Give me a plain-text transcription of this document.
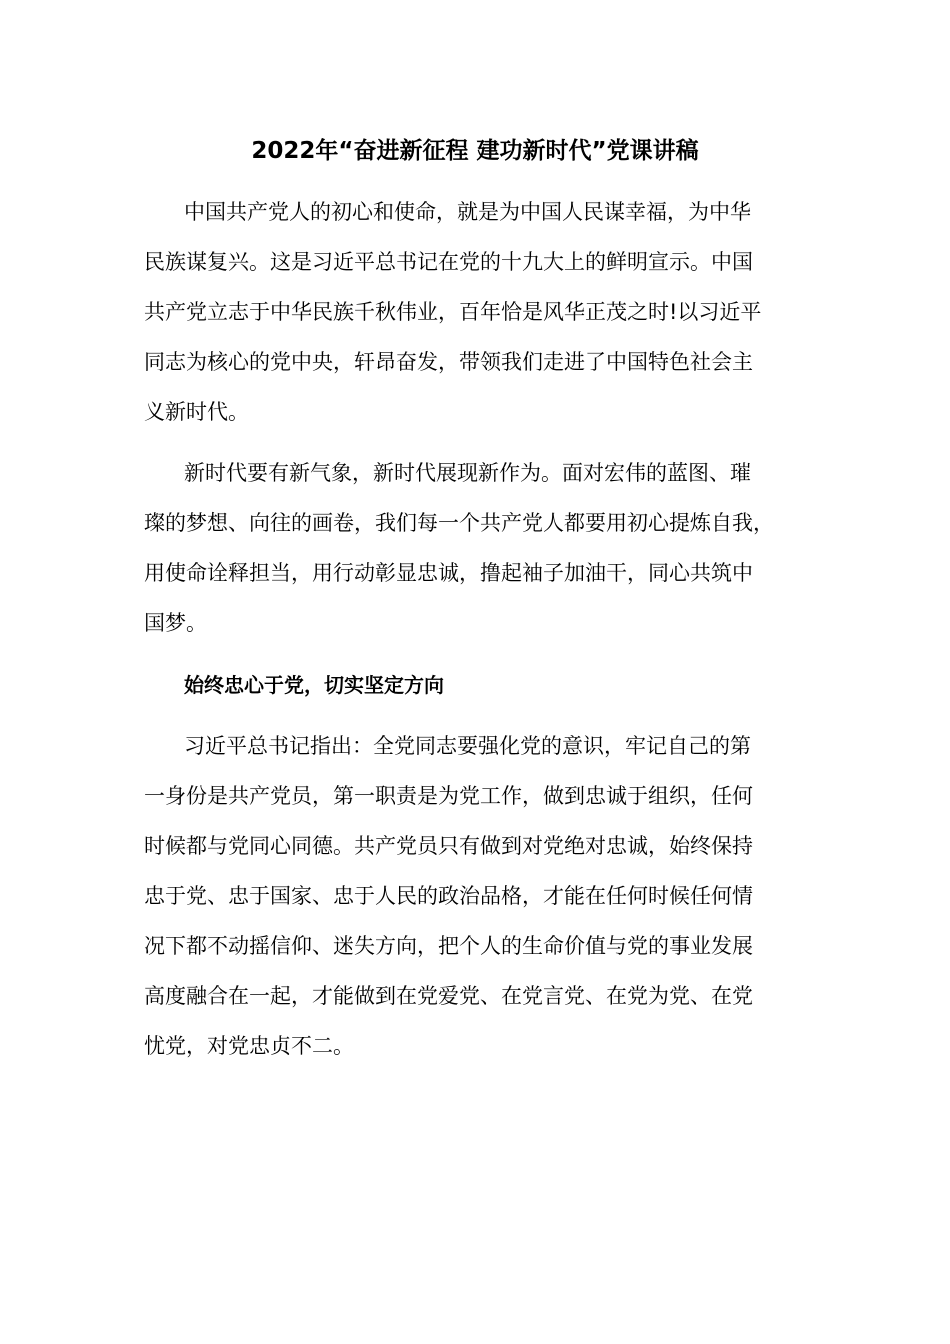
2022年“奋进新征程 建功新时代”党课讲稿
中国共产党人的初心和使命，就是为中国人民谋幸福，为中华
民族谋复兴。这是习近平总书记在党的十九大上的鲜明宣示。中国
共产党立志于中华民族千秋伟业，百年恰是风华正茂之时!以习近平
同志为核心的党中央，轩昂奋发，带领我们走进了中国特色社会主
义新时代。
新时代要有新气象，新时代展现新作为。面对宏伟的蓝图、璀
璨的梦想、向往的画卷，我们每一个共产党人都要用初心提炼自我，
用使命诠释担当，用行动彰显忠诚，撸起袖子加油干，同心共筑中
国梦。
始终忠心于党，切实坚定方向
习近平总书记指出：全党同志要强化党的意识，牢记自己的第
一身份是共产党员，第一职责是为党工作，做到忠诚于组织，任何
时候都与党同心同德。共产党员只有做到对党绝对忠诚，始终保持
忠于党、忠于国家、忠于人民的政治品格，才能在任何时候任何情
况下都不动摇信仰、迷失方向，把个人的生命价值与党的事业发展
高度融合在一起，才能做到在党爱党、在党言党、在党为党、在党
忧党，对党忠贞不二。
